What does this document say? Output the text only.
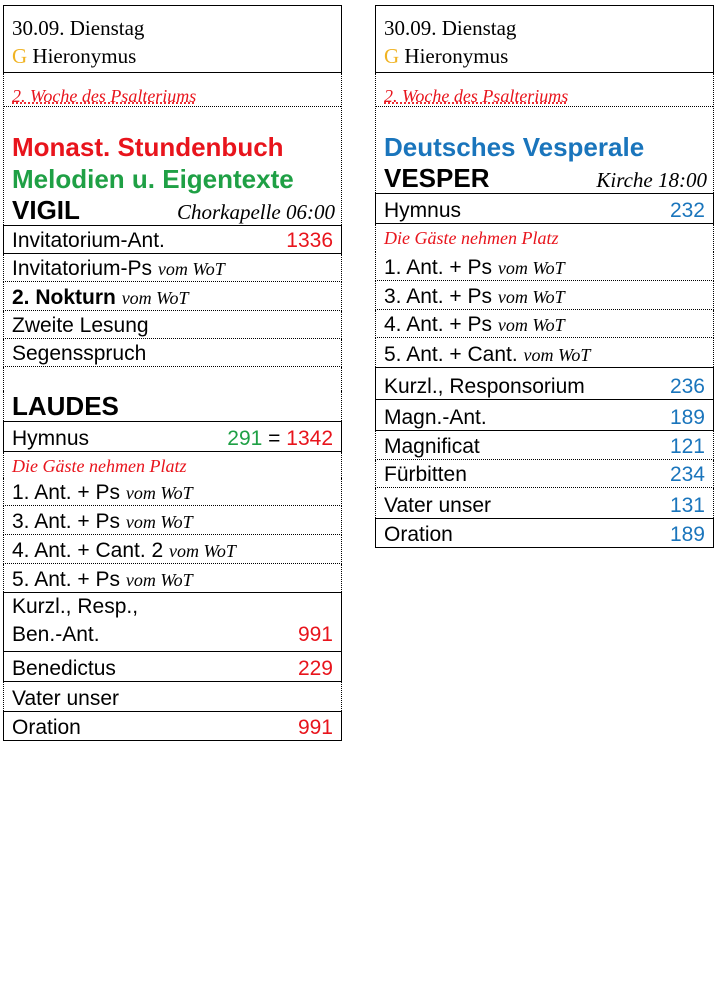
30.09. Dienstag
G Hieronymus
2. Woche des Psalteriums
Monast. Stundenbuch
Melodien u. Eigentexte
VIGIL	Chorkapelle 06:00
Invitatorium-Ant.	1336
Invitatorium-Ps vom WoT
2. Nokturn vom WoT
Zweite Lesung
Segensspruch
LAUDES
Hymnus	291 = 1342
Die Gäste nehmen Platz
1. Ant. + Ps vom WoT
3. Ant. + Ps vom WoT
4. Ant. + Cant. 2 vom WoT
5. Ant. + Ps vom WoT
Kurzl., Resp.,
Ben.-Ant.	991
Benedictus	229
Vater unser
Oration	991
30.09. Dienstag
G Hieronymus
2. Woche des Psalteriums
Deutsches Vesperale
VESPER	Kirche 18:00
Hymnus	232
Die Gäste nehmen Platz
1. Ant. + Ps vom WoT
3. Ant. + Ps vom WoT
4. Ant. + Ps vom WoT
5. Ant. + Cant. vom WoT
Kurzl., Responsorium	236
Magn.-Ant.	189
Magnificat	121
Fürbitten	234
Vater unser	131
Oration	189
